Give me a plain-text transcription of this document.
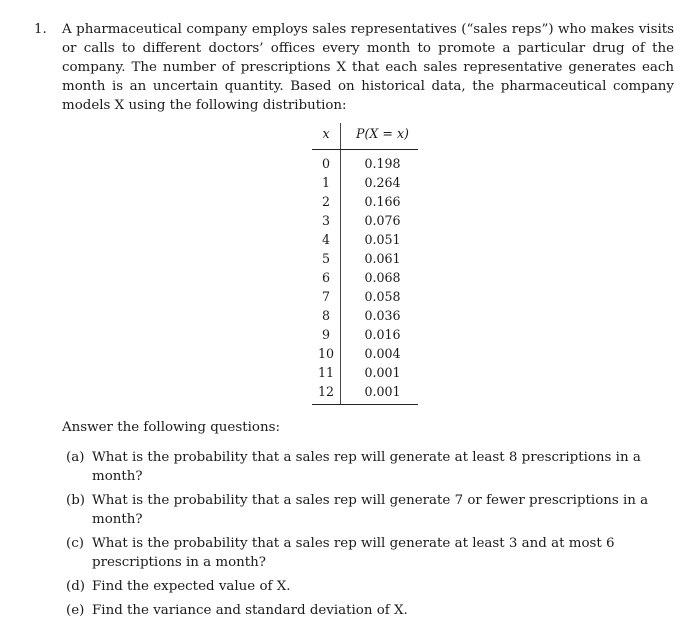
1. A pharmaceutical company employs sales representatives (“sales reps”) who makes visits or calls to different doctors’ offices every month to promote a particular drug of the company. The number of prescriptions X that each sales representative generates each month is an uncertain quantity. Based on historical data, the pharmaceutical company models X using the following distribution:
x	P(X = x)
0	0.198
1	0.264
2	0.166
3	0.076
4	0.051
5	0.061
6	0.068
7	0.058
8	0.036
9	0.016
10	0.004
11	0.001
12	0.001
Answer the following questions:
(a) What is the probability that a sales rep will generate at least 8 prescriptions in a month?
(b) What is the probability that a sales rep will generate 7 or fewer prescriptions in a month?
(c) What is the probability that a sales rep will generate at least 3 and at most 6 prescriptions in a month?
(d) Find the expected value of X.
(e) Find the variance and standard deviation of X.
